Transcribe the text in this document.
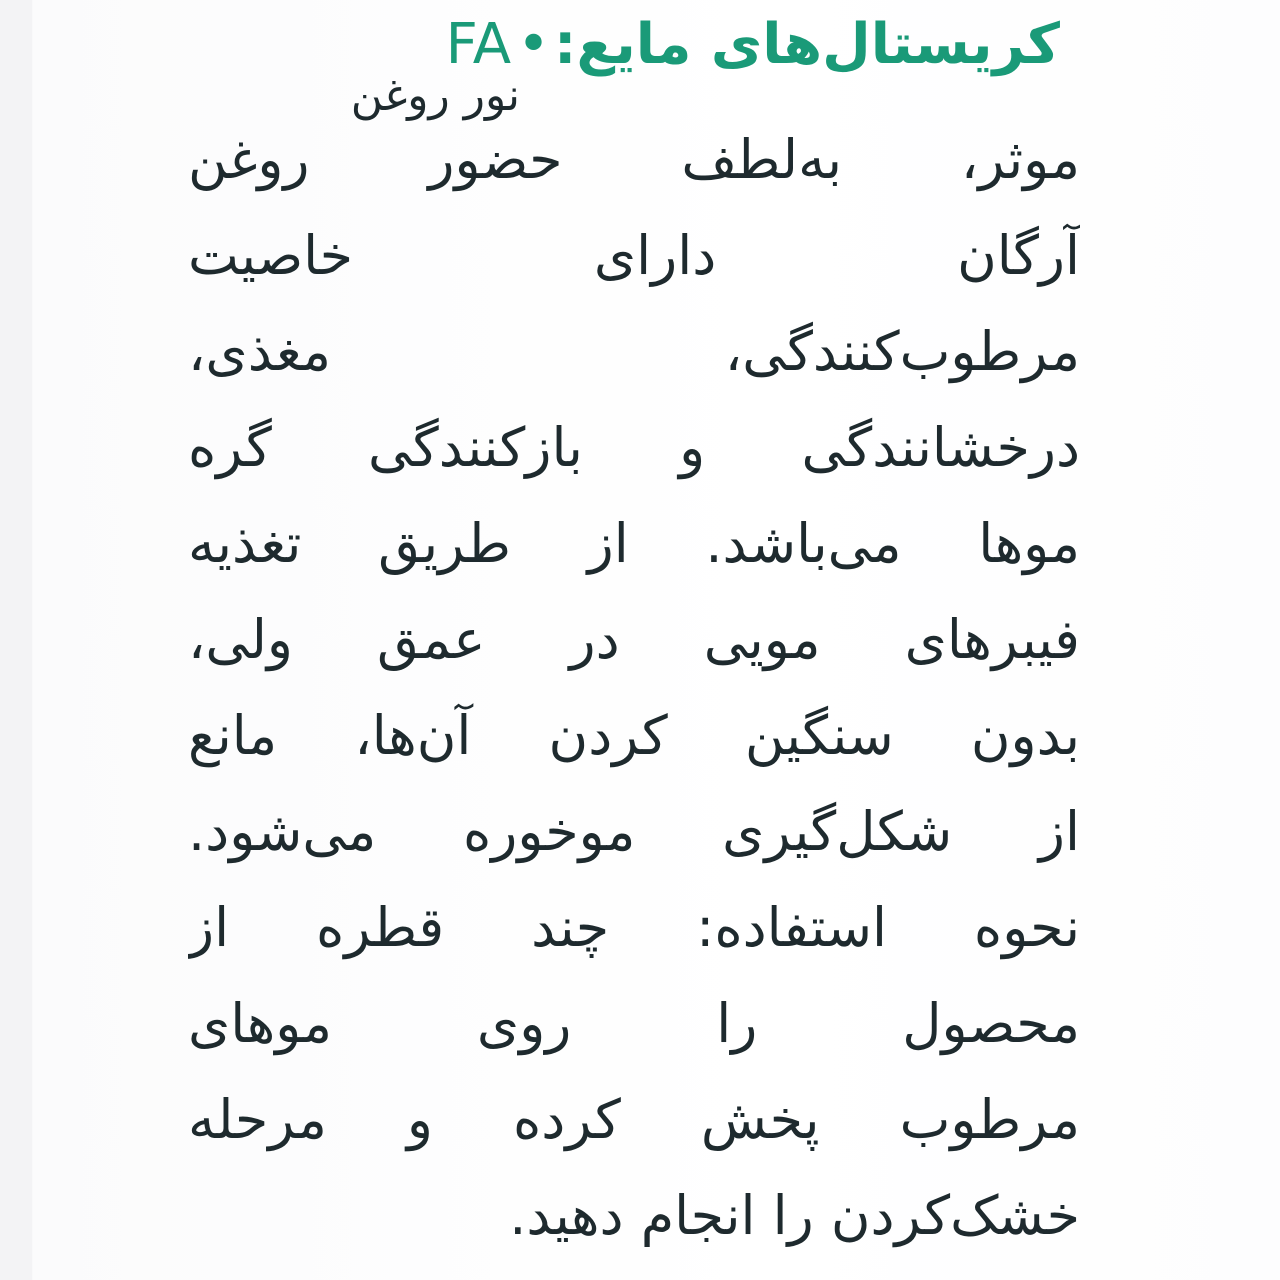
FA •کریستال‌های مایع:
نور روغن
موثر، به‌لطف حضور روغن
آرگان دارای خاصیت
مرطوب‌کنندگی، مغذی،
درخشانندگی و بازکنندگی گره
موها می‌باشد. از طریق تغذیه
فیبرهای مویی در عمق ولی،
بدون سنگین کردن آن‌ها، مانع
از شکل‌گیری موخوره می‌شود.
نحوه استفاده: چند قطره از
محصول را روی موهای
مرطوب پخش کرده و مرحله
خشک‌کردن را انجام دهید.
